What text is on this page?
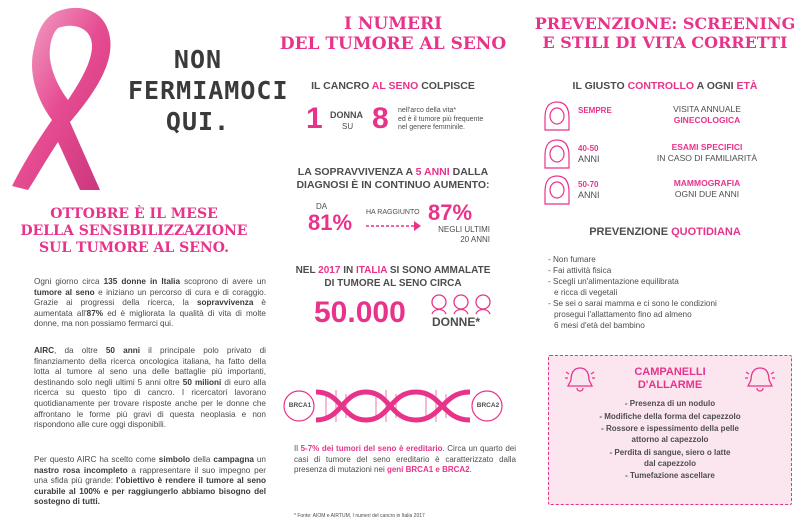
NON
FERMIAMOCI
QUI.
OTTOBRE È IL MESE
DELLA SENSIBILIZZAZIONE
SUL TUMORE AL SENO.
Ogni giorno circa 135 donne in Italia scoprono di avere un tumore al seno e iniziano un percorso di cura e di coraggio. Grazie ai progressi della ricerca, la sopravvivenza è aumentata all'87% ed è migliorata la qualità di vita di molte donne, ma non possiamo fermarci qui.
AIRC, da oltre 50 anni il principale polo privato di finanziamento della ricerca oncologica italiana, ha fatto della lotta al tumore al seno una delle battaglie più importanti, destinando solo negli ultimi 5 anni oltre 50 milioni di euro alla ricerca su questo tipo di cancro. I ricercatori lavorano quotidianamente per trovare risposte anche per le donne che affrontano le forme più gravi di questa neoplasia e non rispondono alle cure oggi disponibili.
Per questo AIRC ha scelto come simbolo della campagna un nastro rosa incompleto a rappresentare il suo impegno per una sfida più grande: l'obiettivo è rendere il tumore al seno curabile al 100% e per raggiungerlo abbiamo bisogno del sostegno di tutti.
I NUMERI
DEL TUMORE AL SENO
IL CANCRO AL SENO COLPISCE
1 DONNA
SU 8 nell'arco della vita*
ed è il tumore più frequente
nel genere femminile.
LA SOPRAVVIVENZA A 5 ANNI DALLA
DIAGNOSI È IN CONTINUO AUMENTO:
DA
81% HA RAGGIUNTO 87%
NEGLI ULTIMI
20 ANNI
NEL 2017 IN ITALIA SI SONO AMMALATE
DI TUMORE AL SENO CIRCA
50.000 DONNE*
BRCA1	BRCA2
Il 5-7% dei tumori del seno è ereditario. Circa un quarto dei casi di tumore del seno ereditario è caratterizzato dalla presenza di mutazioni nei geni BRCA1 e BRCA2.
* Fonte: AIOM e AIRTUM, I numeri del cancro in Italia 2017
PREVENZIONE: SCREENING
E STILI DI VITA CORRETTI
IL GIUSTO CONTROLLO A OGNI ETÀ
SEMPRE	VISITA ANNUALE
GINECOLOGICA
40-50
ANNI
ESAMI SPECIFICI
IN CASO DI FAMILIARITÀ
50-70
ANNI
MAMMOGRAFIA
OGNI DUE ANNI
PREVENZIONE QUOTIDIANA
- Non fumare
- Fai attività fisica
- Scegli un'alimentazione equilibrata
e ricca di vegetali
- Se sei o sarai mamma e ci sono le condizioni
prosegui l'allattamento fino ad almeno
6 mesi d'età del bambino
CAMPANELLI
D'ALLARME
- Presenza di un nodulo
- Modifiche della forma del capezzolo
- Rossore e ispessimento della pelle
attorno al capezzolo
- Perdita di sangue, siero o latte
dal capezzolo
- Tumefazione ascellare
